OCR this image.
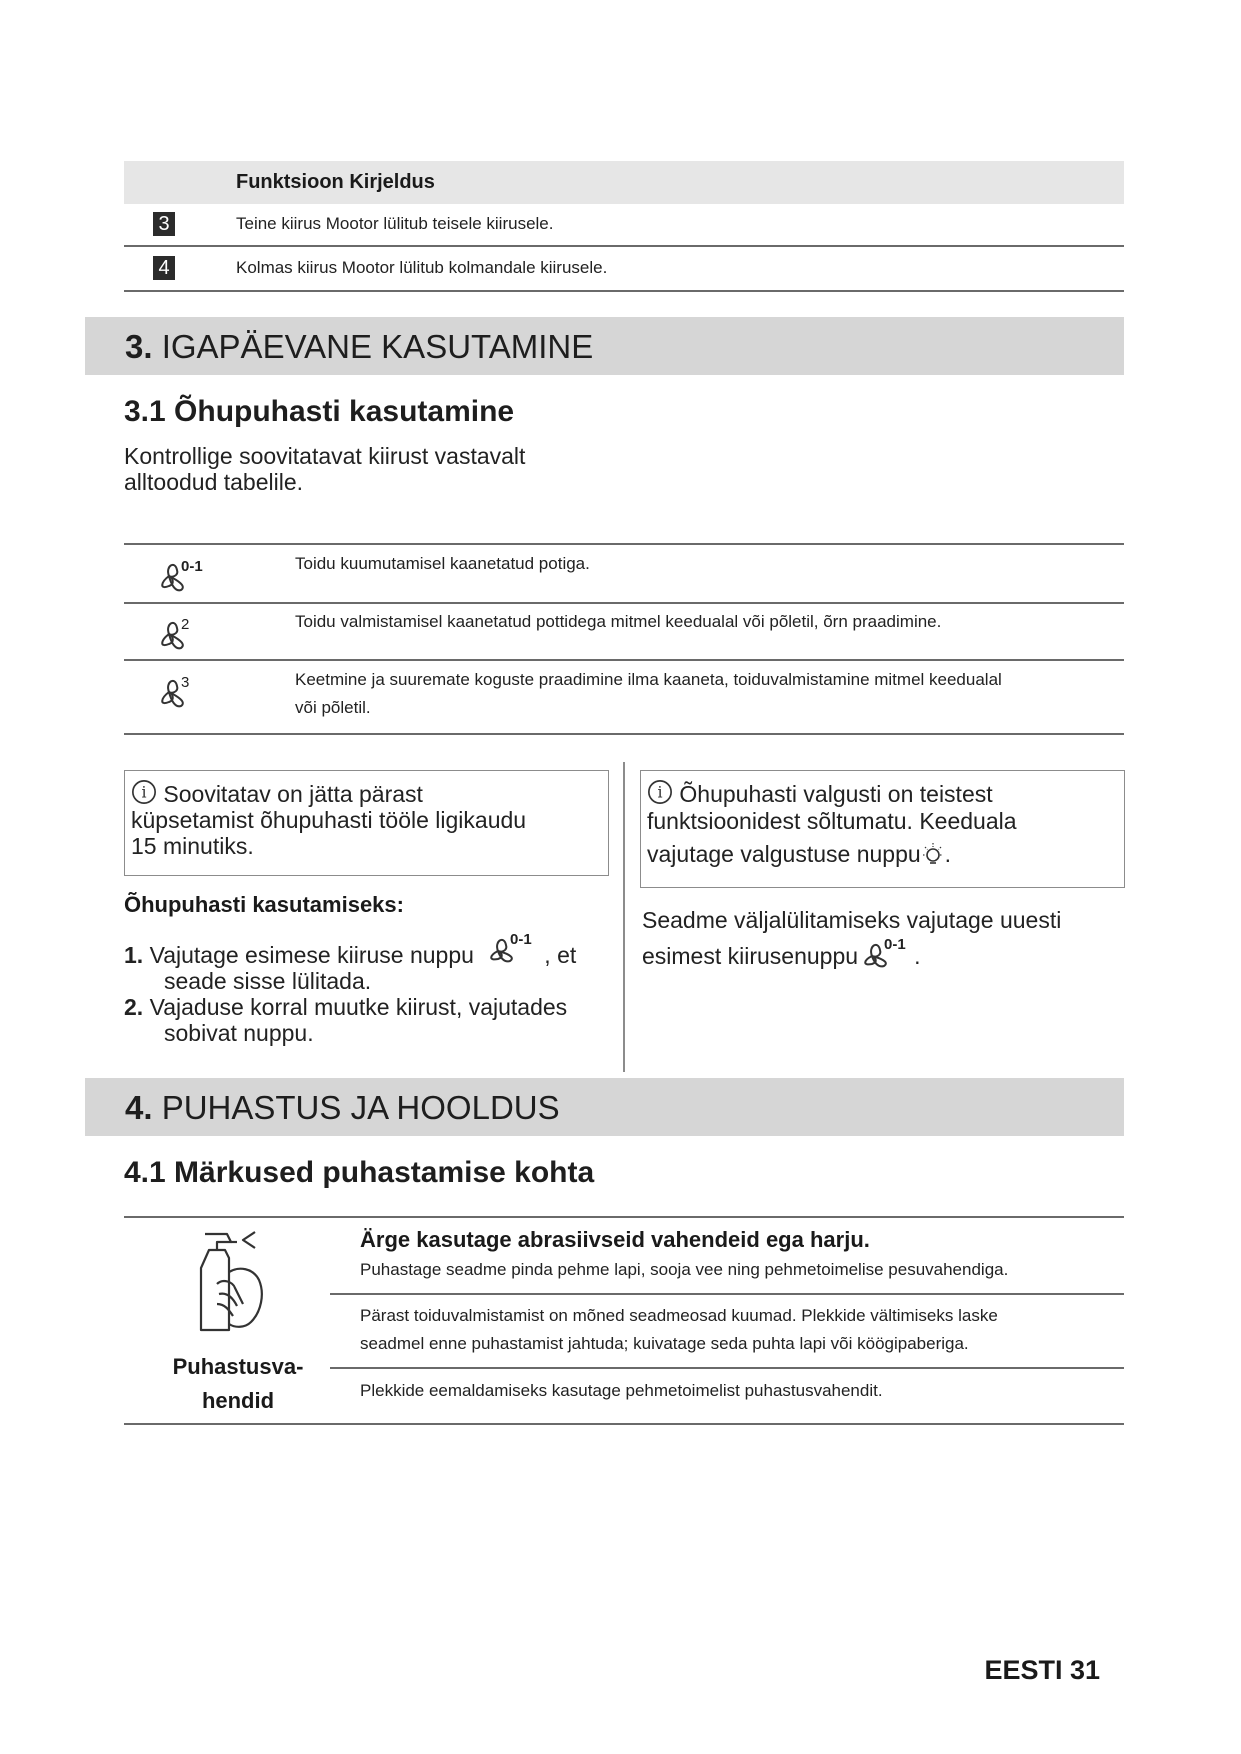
Funktsioon Kirjeldus
3	Teine kiirus Mootor lülitub teisele kiirusele.
4	Kolmas kiirus Mootor lülitub kolmandale kiirusele.
3. IGAPÄEVANE KASUTAMINE
3.1 Õhupuhasti kasutamine
Kontrollige soovitatavat kiirust vastavalt
alltoodud tabelile.
0-1	Toidu kuumutamisel kaanetatud potiga.
2	Toidu valmistamisel kaanetatud pottidega mitmel keedualal või põletil, õrn praadimine.
3	Keetmine ja suuremate koguste praadimine ilma kaaneta, toiduvalmistamine mitmel keedualal
või põletil.
i Soovitatav on jätta pärast
küpsetamist õhupuhasti tööle ligikaudu
15 minutiks.
Õhupuhasti kasutamiseks:
1. Vajutage esimese kiiruse nuppu
0-1
, et
seade sisse lülitada.
2. Vajaduse korral muutke kiirust, vajutades
sobivat nuppu.
i Õhupuhasti valgusti on teistest
funktsioonidest sõltumatu. Keeduala
vajutage valgustuse nuppu .
Seadme väljalülitamiseks vajutage uuesti
esimest kiirusenuppu 0-1 .
4. PUHASTUS JA HOOLDUS
4.1 Märkused puhastamise kohta
Puhastusva-
hendid
Ärge kasutage abrasiivseid vahendeid ega harju.
Puhastage seadme pinda pehme lapi, sooja vee ning pehmetoimelise pesuvahendiga.
Pärast toiduvalmistamist on mõned seadmeosad kuumad. Plekkide vältimiseks laske
seadmel enne puhastamist jahtuda; kuivatage seda puhta lapi või köögipaberiga.
Plekkide eemaldamiseks kasutage pehmetoimelist puhastusvahendit.
EESTI 31
